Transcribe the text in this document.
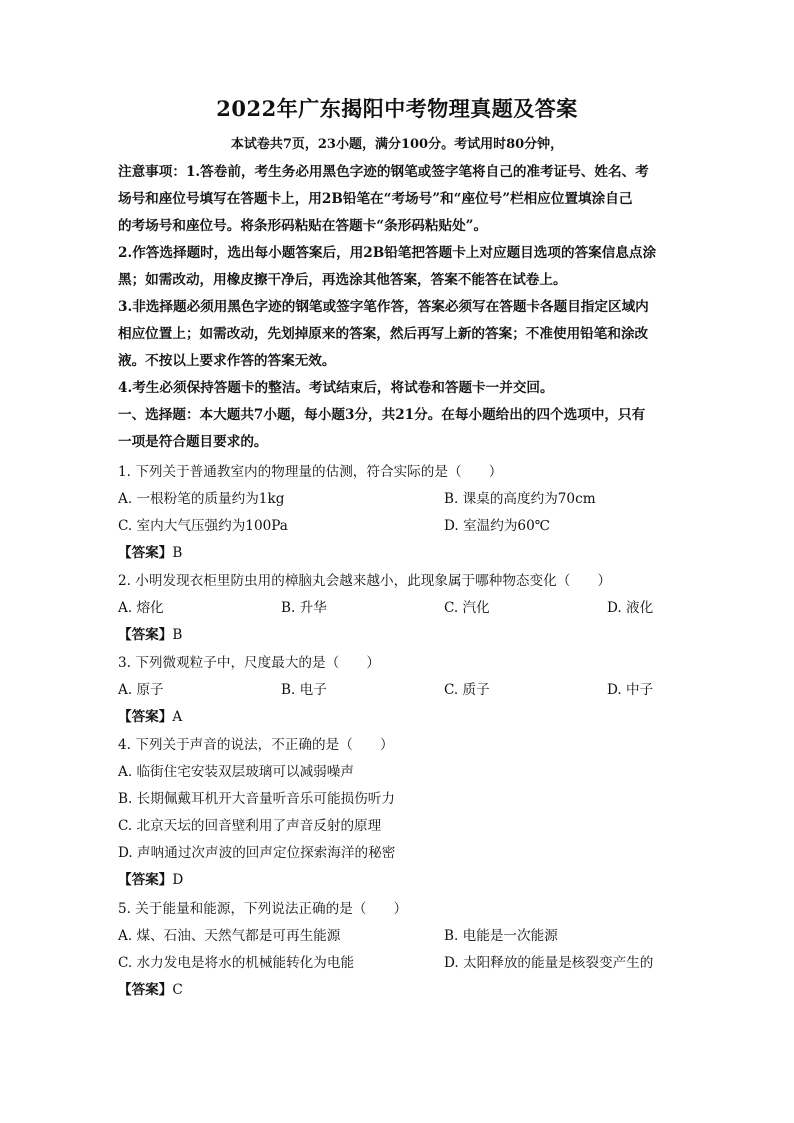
2022年广东揭阳中考物理真题及答案
本试卷共7页，23小题，满分100分。考试用时80分钟，
注意事项：1.答卷前，考生务必用黑色字迹的钢笔或签字笔将自己的准考证号、姓名、考
场号和座位号填写在答题卡上，用2B铅笔在“考场号”和“座位号”栏相应位置填涂自己
的考场号和座位号。将条形码粘贴在答题卡“条形码粘贴处”。
2.作答选择题时，选出每小题答案后，用2B铅笔把答题卡上对应题目选项的答案信息点涂
黑；如需改动，用橡皮擦干净后，再选涂其他答案，答案不能答在试卷上。
3.非选择题必须用黑色字迹的钢笔或签字笔作答，答案必须写在答题卡各题目指定区域内
相应位置上；如需改动，先划掉原来的答案，然后再写上新的答案；不准使用铅笔和涂改
液。不按以上要求作答的答案无效。
4.考生必须保持答题卡的整洁。考试结束后，将试卷和答题卡一并交回。
一、选择题：本大题共7小题，每小题3分，共21分。在每小题给出的四个选项中，只有
一项是符合题目要求的。
1. 下列关于普通教室内的物理量的估测，符合实际的是（　　）
A. 一根粉笔的质量约为1kg	B. 课桌的高度约为70cm
C. 室内大气压强约为100Pa	D. 室温约为60℃
【答案】B
2. 小明发现衣柜里防虫用的樟脑丸会越来越小，此现象属于哪种物态变化（　　）
A. 熔化	B. 升华	C. 汽化	D. 液化
【答案】B
3. 下列微观粒子中，尺度最大的是（　　）
A. 原子	B. 电子	C. 质子	D. 中子
【答案】A
4. 下列关于声音的说法，不正确的是（　　）
A. 临街住宅安装双层玻璃可以减弱噪声
B. 长期佩戴耳机开大音量听音乐可能损伤听力
C. 北京天坛的回音壁利用了声音反射的原理
D. 声呐通过次声波的回声定位探索海洋的秘密
【答案】D
5. 关于能量和能源，下列说法正确的是（　　）
A. 煤、石油、天然气都是可再生能源	B. 电能是一次能源
C. 水力发电是将水的机械能转化为电能	D. 太阳释放的能量是核裂变产生的
【答案】C
